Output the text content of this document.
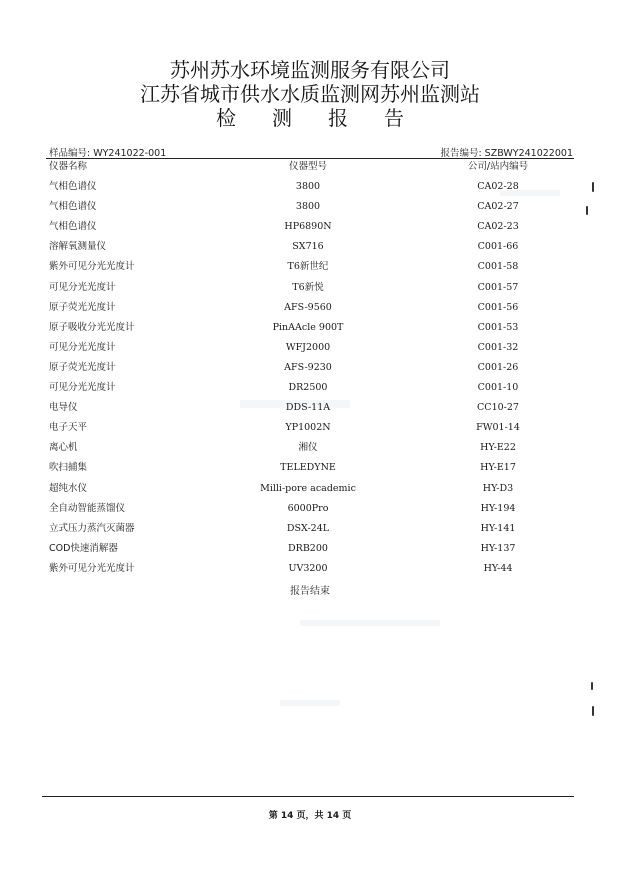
苏州苏水环境监测服务有限公司
江苏省城市供水水质监测网苏州监测站
检测报告
样品编号: WY241022-001	报告编号: SZBWY241022001
仪器名称	仪器型号	公司/站内编号
气相色谱仪	3800	CA02-28
气相色谱仪	3800	CA02-27
气相色谱仪	HP6890N	CA02-23
溶解氧测量仪	SX716	C001-66
紫外可见分光光度计	T6新世纪	C001-58
可见分光光度计	T6新悦	C001-57
原子荧光光度计	AFS-9560	C001-56
原子吸收分光光度计	PinAAcle 900T	C001-53
可见分光光度计	WFJ2000	C001-32
原子荧光光度计	AFS-9230	C001-26
可见分光光度计	DR2500	C001-10
电导仪	DDS-11A	CC10-27
电子天平	YP1002N	FW01-14
离心机	湘仪	HY-E22
吹扫捕集	TELEDYNE	HY-E17
超纯水仪	Milli-pore academic	HY-D3
全自动智能蒸馏仪	6000Pro	HY-194
立式压力蒸汽灭菌器	DSX-24L	HY-141
COD快速消解器	DRB200	HY-137
紫外可见分光光度计	UV3200	HY-44
报告结束
第 14 页，共 14 页
